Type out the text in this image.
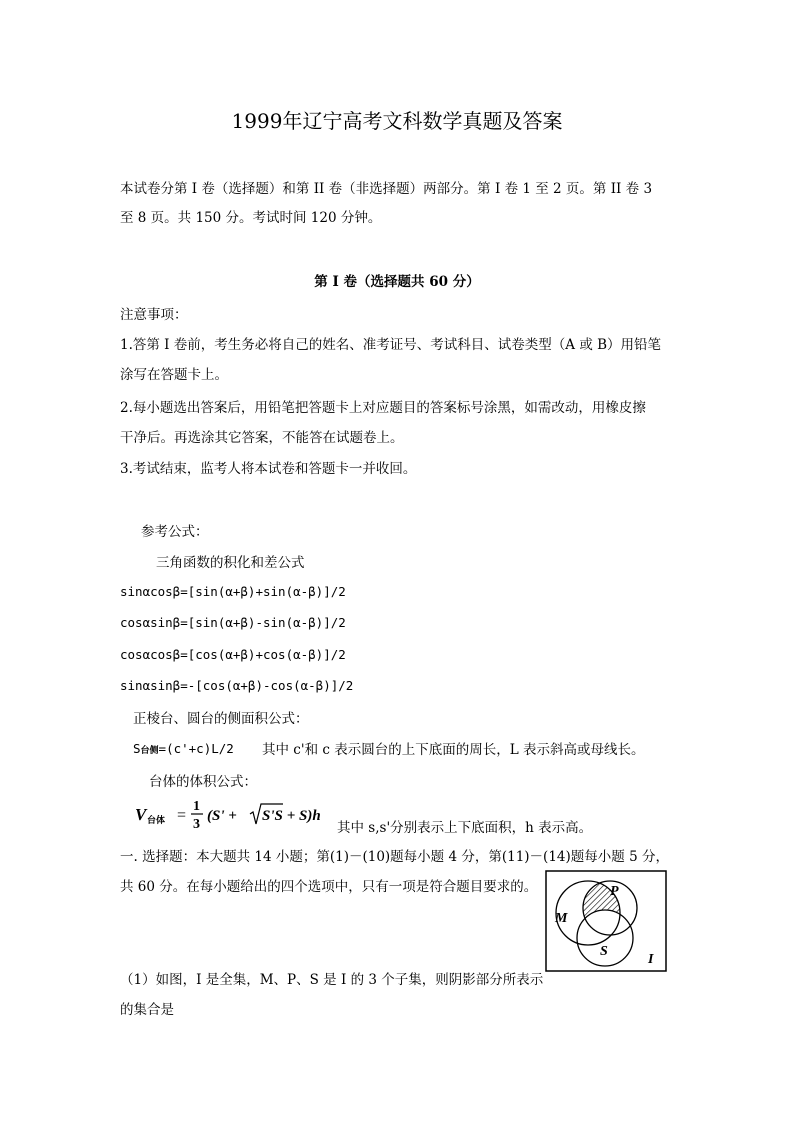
1999年辽宁高考文科数学真题及答案
本试卷分第 I 卷（选择题）和第 II 卷（非选择题）两部分。第 I 卷 1 至 2 页。第 II 卷 3
至 8 页。共 150 分。考试时间 120 分钟。
第 I 卷（选择题共 60 分）
注意事项：
1.答第 I 卷前，考生务必将自己的姓名、准考证号、考试科目、试卷类型（A 或 B）用铅笔
涂写在答题卡上。
2.每小题选出答案后，用铅笔把答题卡上对应题目的答案标号涂黑，如需改动，用橡皮擦
干净后。再选涂其它答案，不能答在试题卷上。
3.考试结束，监考人将本试卷和答题卡一并收回。
参考公式：
三角函数的积化和差公式
sinαcosβ=[sin(α+β)+sin(α-β)]/2
cosαsinβ=[sin(α+β)-sin(α-β)]/2
cosαcosβ=[cos(α+β)+cos(α-β)]/2
sinαsinβ=-[cos(α+β)-cos(α-β)]/2
正棱台、圆台的侧面积公式：
S台侧=(c'+c)L/2 其中 c'和 c 表示圆台的上下底面的周长，L 表示斜高或母线长。
台体的体积公式：
V 台体 =
1
3
(S' + S'S + S)h
其中 s,s'分别表示上下底面积，h 表示高。
一. 选择题：本大题共 14 小题；第(1)－(10)题每小题 4 分，第(11)－(14)题每小题 5 分，
共 60 分。在每小题给出的四个选项中，只有一项是符合题目要求的。
M
P
S
I
（1）如图，I 是全集，M、P、S 是 I 的 3 个子集，则阴影部分所表示
的集合是
